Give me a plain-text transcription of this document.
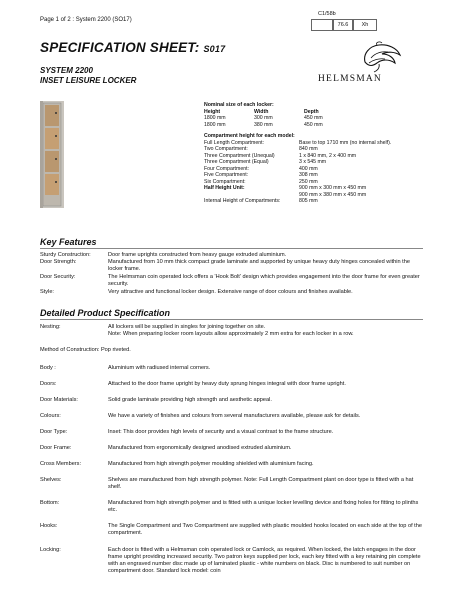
Page 1 of 2 : System 2200 (SO17)
C1/58b
76.6	Xh
SPECIFICATION SHEET: S017
SYSTEM 2200
INSET LEISURE LOCKER	HELMSMAN
Nominal size of each locker:
Height	Width	Depth
1800 mm	300 mm	450 mm
1800 mm	380 mm	450 mm
Compartment height for each model:
Full Length Compartment:	Base to top 1710 mm (no internal shelf).
Two Compartment:	840 mm
Three Compartment (Unequal)	1 x 840 mm, 2 x 400 mm
Three Compartment (Equal)	3 x 545 mm
Four Compartment:	400 mm
Five Compartment:	308 mm
Six Compartment:	250 mm
Half Height Unit:	900 mm x 300 mm x 450 mm
900 mm x 380 mm x 450 mm
Internal Height of Compartments:	805 mm
Key Features
Sturdy Construction:	Door frame uprights constructed from heavy gauge extruded aluminium.
Door Strength:	Manufactured from 10 mm thick compact grade laminate and supported by unique heavy duty hinges concealed within the locker frame.
Door Security:	The Helmsman coin operated lock offers a 'Hook Bolt' design which provides engagement into the door frame for even greater security.
Style:	Very attractive and functional locker design. Extensive range of door colours and finishes available.
Detailed Product Specification
Nesting:	All lockers will be supplied in singles for joining together on site.
Note: When preparing locker room layouts allow approximately 2 mm extra for each locker in a row.
Method of Construction: Pop riveted.
Body :	Aluminium with radiused internal corners.
Doors:	Attached to the door frame upright by heavy duty sprung hinges integral with door frame upright.
Door Materials:	Solid grade laminate providing high strength and aesthetic appeal.
Colours:	We have a variety of finishes and colours from several manufacturers available, please ask for details.
Door Type:	Inset: This door provides high levels of security and a visual contrast to the frame structure.
Door Frame:	Manufactured from ergonomically designed anodised extruded aluminium.
Cross Members:	Manufactured from high strength polymer moulding shielded with aluminium facing.
Shelves:	Shelves are manufactured from high strength polymer. Note: Full Length Compartment plant on door type is fitted with a hat shelf.
Bottom:	Manufactured from high strength polymer and is fitted with a unique locker levelling device and fixing holes for fitting to plinths etc.
Hooks:	The Single Compartment and Two Compartment are supplied with plastic moulded hooks located on each side at the top of the compartment.
Locking:	Each door is fitted with a Helmsman coin operated lock or Camlock, as required. When locked, the latch engages in the door frame upright providing increased security. Two patron keys supplied per lock, each key fitted with a key retaining pin complete with an engraved number disc made up of laminated plastic - white numbers on black. Disc is numbered to suit number on compartment door. Standard lock model: coin
